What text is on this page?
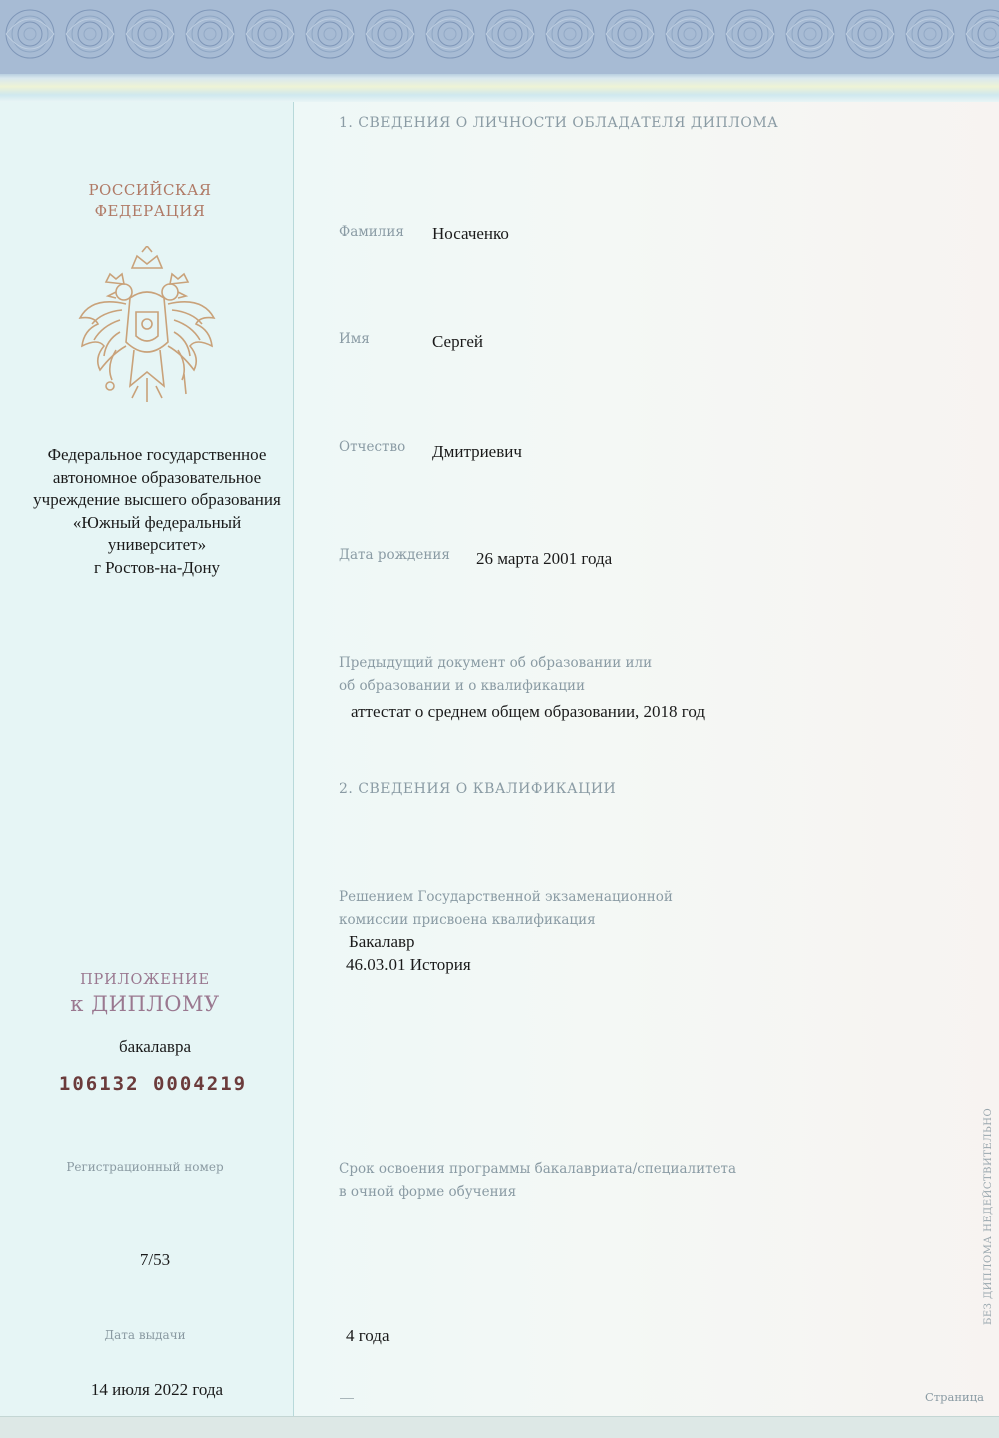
РОССИЙСКАЯ
ФЕДЕРАЦИЯ
Федеральное государственное
автономное образовательное
учреждение высшего образования
«Южный федеральный
университет»
г Ростов-на-Дону
ПРИЛОЖЕНИЕ
к ДИПЛОМУ
бакалавра
106132 0004219
Регистрационный номер
7/53
Дата выдачи
14 июля 2022 года
1. СВЕДЕНИЯ О ЛИЧНОСТИ ОБЛАДАТЕЛЯ ДИПЛОМА
Фамилия Носаченко
Имя	Сергей
Отчество Дмитриевич
Дата рождения 26 марта 2001 года
Предыдущий документ об образовании или
об образовании и о квалификации
аттестат о среднем общем образовании, 2018 год
2. СВЕДЕНИЯ О КВАЛИФИКАЦИИ
Решением Государственной экзаменационной
комиссии присвоена квалификация
Бакалавр
46.03.01 История
Срок освоения программы бакалавриата/специалитета
в очной форме обучения
4 года
БЕЗ ДИПЛОМА НЕДЕЙСТВИТЕЛЬНО
Страница
